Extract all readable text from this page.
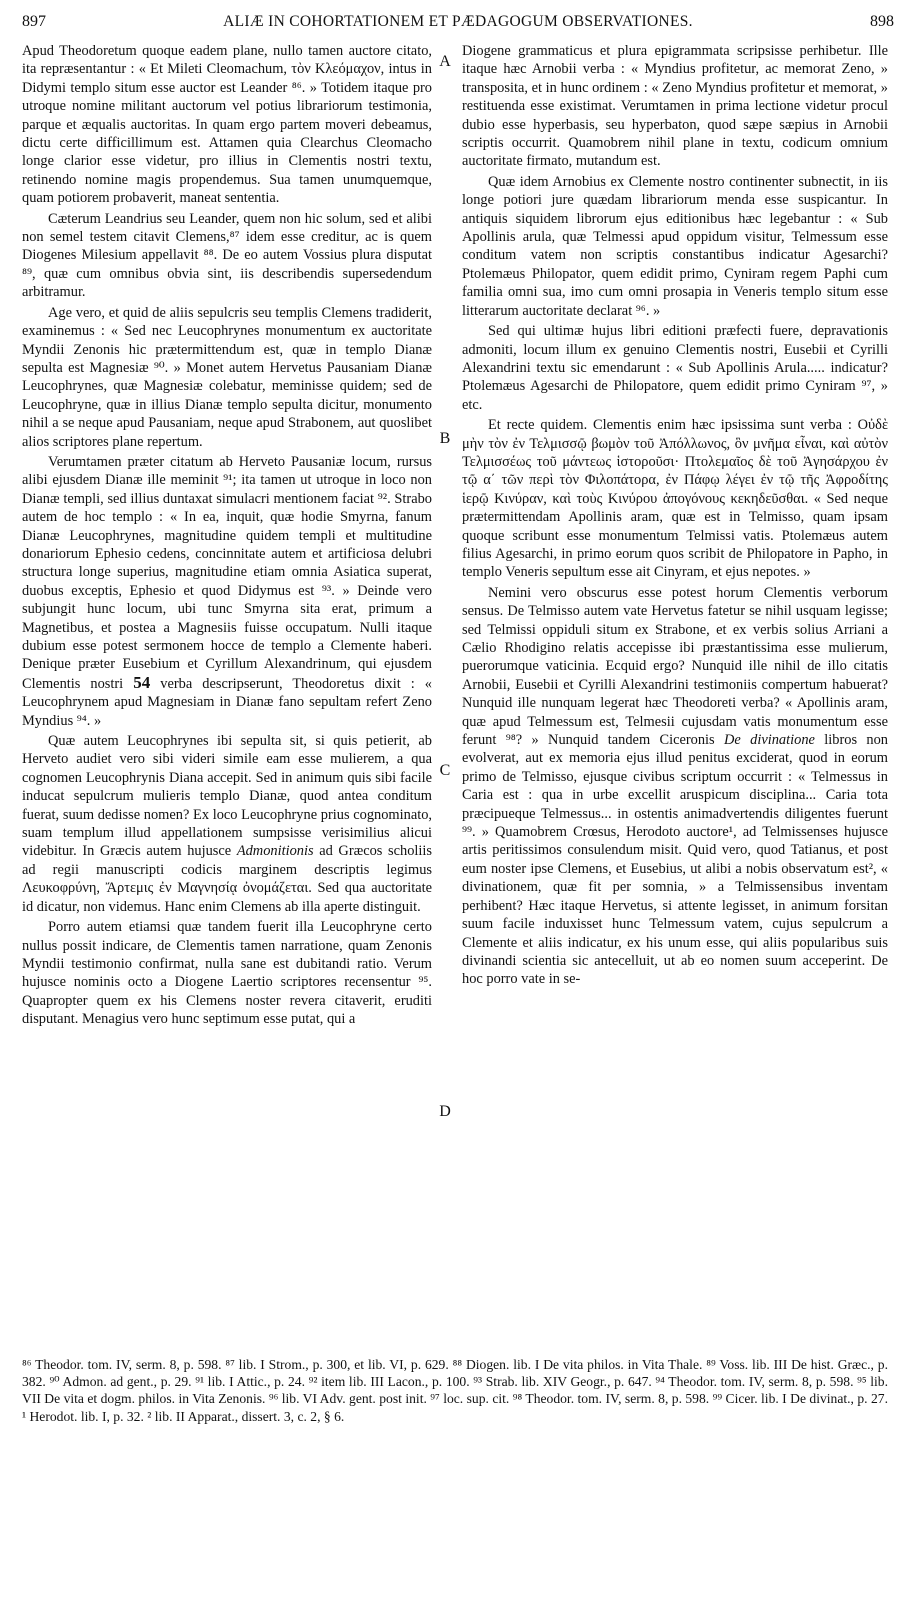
897	ALIÆ IN COHORTATIONEM ET PÆDAGOGUM OBSERVATIONES.	898
A
B
C
D

Apud Theodoretum quoque eadem plane, nullo tamen auctore citato, ita repræsentantur : « Et Mileti Cleomachum, τὸν Κλεόμαχον, intus in Didymi templo situm esse auctor est Leander ⁸⁶. » Totidem itaque pro utroque nomine militant auctorum vel potius librariorum testimonia, parque et æqualis auctoritas. In quam ergo partem moveri debeamus, dictu certe difficillimum est. Attamen quia Clearchus Cleomacho longe clarior esse videtur, pro illius in Clementis nostri textu, retinendo nomine magis propendemus. Sua tamen unumquemque, quam potiorem probaverit, maneat sententia.

Cæterum Leandrius seu Leander, quem non hic solum, sed et alibi non semel testem citavit Clemens,⁸⁷ idem esse creditur, ac is quem Diogenes Milesium appellavit ⁸⁸. De eo autem Vossius plura disputat ⁸⁹, quæ cum omnibus obvia sint, iis describendis supersedendum arbitramur.

Age vero, et quid de aliis sepulcris seu templis Clemens tradiderit, examinemus : « Sed nec Leucophrynes monumentum ex auctoritate Myndii Zenonis hic prætermittendum est, quæ in templo Dianæ sepulta est Magnesiæ ⁹⁰. » Monet autem Hervetus Pausaniam Dianæ Leucophrynes, quæ Magnesiæ colebatur, meminisse quidem; sed de Leucophryne, quæ in illius Dianæ templo sepulta dicitur, monumento nihil a se neque apud Pausaniam, neque apud Strabonem, aut quoslibet alios scriptores plane repertum.

Verumtamen præter citatum ab Herveto Pausaniæ locum, rursus alibi ejusdem Dianæ ille meminit ⁹¹; ita tamen ut utroque in loco non Dianæ templi, sed illius duntaxat simulacri mentionem faciat ⁹². Strabo autem de hoc templo : « In ea, inquit, quæ hodie Smyrna, fanum Dianæ Leucophrynes, magnitudine quidem templi et multitudine donariorum Ephesio cedens, concinnitate autem et artificiosa delubri structura longe superius, magnitudine etiam omnia Asiatica superat, duobus exceptis, Ephesio et quod Didymus est ⁹³. » Deinde vero subjungit hunc locum, ubi tunc Smyrna sita erat, primum a Magnetibus, et postea a Magnesiis fuisse occupatum. Nulli itaque dubium esse potest sermonem hocce de templo a Clemente haberi. Denique præter Eusebium et Cyrillum Alexandrinum, qui ejusdem Clementis nostri 54 verba descripserunt, Theodoretus dixit : « Leucophrynem apud Magnesiam in Dianæ fano sepultam refert Zeno Myndius ⁹⁴. »

Quæ autem Leucophrynes ibi sepulta sit, si quis petierit, ab Herveto audiet vero sibi videri simile eam esse mulierem, a qua cognomen Leucophrynis Diana accepit. Sed in animum quis sibi facile inducat sepulcrum mulieris templo Dianæ, quod antea conditum fuerat, suum dedisse nomen? Ex loco Leucophryne prius cognominato, suam templum illud appellationem sumpsisse verisimilius alicui videbitur. In Græcis autem hujusce Admonitionis ad Græcos scholiis ad regii manuscripti codicis marginem descriptis legimus Λευκοφρύνη, Ἄρτεμις ἐν Μαγνησίᾳ ὀνομάζεται. Sed qua auctoritate id dicatur, non videmus. Hanc enim Clemens ab illa aperte distinguit.

Porro autem etiamsi quæ tandem fuerit illa Leucophryne certo nullus possit indicare, de Clementis tamen narratione, quam Zenonis Myndii testimonio confirmat, nulla sane est dubitandi ratio. Verum hujusce nominis octo a Diogene Laertio scriptores recensentur ⁹⁵. Quapropter quem ex his Clemens noster revera citaverit, eruditi disputant. Menagius vero hunc septimum esse putat, qui a

Diogene grammaticus et plura epigrammata scripsisse perhibetur. Ille itaque hæc Arnobii verba : « Myndius profitetur, ac memorat Zeno, » transposita, et in hunc ordinem : « Zeno Myndius profitetur et memorat, » restituenda esse existimat. Verumtamen in prima lectione videtur procul dubio esse hyperbasis, seu hyperbaton, quod sæpe sæpius in Arnobii scriptis occurrit. Quamobrem nihil plane in textu, codicum omnium auctoritate firmato, mutandum est.

Quæ idem Arnobius ex Clemente nostro continenter subnectit, in iis longe potiori jure quædam librariorum menda esse suspicantur. In antiquis siquidem librorum ejus editionibus hæc legebantur : « Sub Apollinis arula, quæ Telmessi apud oppidum visitur, Telmessum esse conditum vatem non scriptis constantibus indicatur Agesarchi? Ptolemæus Philopator, quem edidit primo, Cyniram regem Paphi cum familia omni sua, imo cum omni prosapia in Veneris templo situm esse litterarum auctoritate declarat ⁹⁶. »

Sed qui ultimæ hujus libri editioni præfecti fuere, depravationis admoniti, locum illum ex genuino Clementis nostri, Eusebii et Cyrilli Alexandrini textu sic emendarunt : « Sub Apollinis Arula..... indicatur? Ptolemæus Agesarchi de Philopatore, quem edidit primo Cyniram ⁹⁷, » etc.

Et recte quidem. Clementis enim hæc ipsissima sunt verba : Οὐδὲ μὴν τὸν ἐν Τελμισσῷ βωμὸν τοῦ Ἀπόλλωνος, ὃν μνῆμα εἶναι, καὶ αὐτὸν Τελμισσέως τοῦ μάντεως ἱστοροῦσι· Πτολεμαῖος δὲ τοῦ Ἀγησάρχου ἐν τῷ α΄ τῶν περὶ τὸν Φιλοπάτορα, ἐν Πάφῳ λέγει ἐν τῷ τῆς Ἀφροδίτης ἱερῷ Κινύραν, καὶ τοὺς Κινύρου ἀπογόνους κεκηδεῦσθαι. « Sed neque prætermittendam Apollinis aram, quæ est in Telmisso, quam ipsam quoque scribunt esse monumentum Telmissi vatis. Ptolemæus autem filius Agesarchi, in primo eorum quos scribit de Philopatore in Papho, in templo Veneris sepultum esse ait Cinyram, et ejus nepotes. »

Nemini vero obscurus esse potest horum Clementis verborum sensus. De Telmisso autem vate Hervetus fatetur se nihil usquam legisse; sed Telmissi oppiduli situm ex Strabone, et ex verbis solius Arriani a Cælio Rhodigino relatis accepisse ibi præstantissima esse mulierum, puerorumque vaticinia. Ecquid ergo? Nunquid ille nihil de illo citatis Arnobii, Eusebii et Cyrilli Alexandrini testimoniis compertum habuerat? Nunquid ille nunquam legerat hæc Theodoreti verba? « Apollinis aram, quæ apud Telmessum est, Telmesii cujusdam vatis monumentum esse ferunt ⁹⁸? » Nunquid tandem Ciceronis De divinatione libros non evolverat, aut ex memoria ejus illud penitus exciderat, quod in eorum primo de Telmisso, ejusque civibus scriptum occurrit : « Telmessus in Caria est : qua in urbe excellit aruspicum disciplina... Caria tota præcipueque Telmessus... in ostentis animadvertendis diligentes fuerunt ⁹⁹. » Quamobrem Crœsus, Herodoto auctore¹, ad Telmissenses hujusce artis peritissimos consulendum misit. Quid vero, quod Tatianus, et post eum noster ipse Clemens, et Eusebius, ut alibi a nobis observatum est², « divinationem, quæ fit per somnia, » a Telmissensibus inventam perhibent? Hæc itaque Hervetus, si attente legisset, in animum forsitan suum facile induxisset hunc Telmessum vatem, cujus sepulcrum a Clemente et aliis indicatur, ex his unum esse, qui aliis popularibus suis divinandi scientia sic antecelluit, ut ab eo nomen suum acceperint. De hoc porro vate in se-

⁸⁶ Theodor. tom. IV, serm. 8, p. 598. ⁸⁷ lib. I Strom., p. 300, et lib. VI, p. 629. ⁸⁸ Diogen. lib. I De vita philos. in Vita Thale. ⁸⁹ Voss. lib. III De hist. Græc., p. 382. ⁹⁰ Admon. ad gent., p. 29. ⁹¹ lib. I Attic., p. 24. ⁹² item lib. III Lacon., p. 100. ⁹³ Strab. lib. XIV Geogr., p. 647. ⁹⁴ Theodor. tom. IV, serm. 8, p. 598. ⁹⁵ lib. VII De vita et dogm. philos. in Vita Zenonis. ⁹⁶ lib. VI Adv. gent. post init. ⁹⁷ loc. sup. cit. ⁹⁸ Theodor. tom. IV, serm. 8, p. 598. ⁹⁹ Cicer. lib. I De divinat., p. 27. ¹ Herodot. lib. I, p. 32. ² lib. II Apparat., dissert. 3, c. 2, § 6.
